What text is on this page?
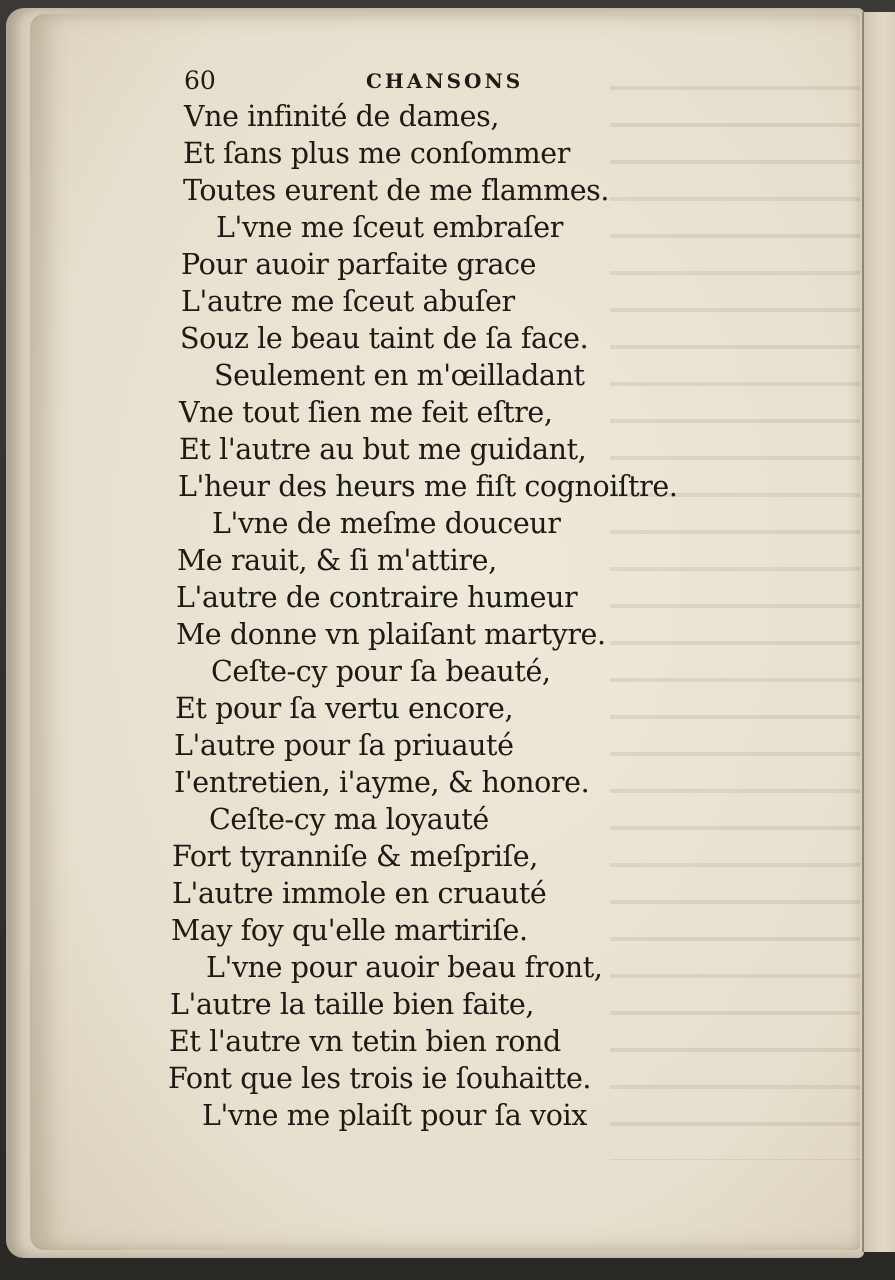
60	CHANSONS
Vne infinité de dames,
Et ſans plus me conſommer
Toutes eurent de me flammes.
L'vne me ſceut embraſer
Pour auoir parfaite grace
L'autre me ſceut abuſer
Souz le beau taint de ſa face.
Seulement en m'œilladant
Vne tout ſien me feit eſtre,
Et l'autre au but me guidant,
L'heur des heurs me fiſt cognoiſtre.
L'vne de meſme douceur
Me rauit, & ſi m'attire,
L'autre de contraire humeur
Me donne vn plaiſant martyre.
Ceſte-cy pour ſa beauté,
Et pour ſa vertu encore,
L'autre pour ſa priuauté
I'entretien, i'ayme, & honore.
Ceſte-cy ma loyauté
Fort tyranniſe & meſpriſe,
L'autre immole en cruauté
May foy qu'elle martiriſe.
L'vne pour auoir beau front,
L'autre la taille bien faite,
Et l'autre vn tetin bien rond
Font que les trois ie ſouhaitte.
L'vne me plaiſt pour ſa voix
